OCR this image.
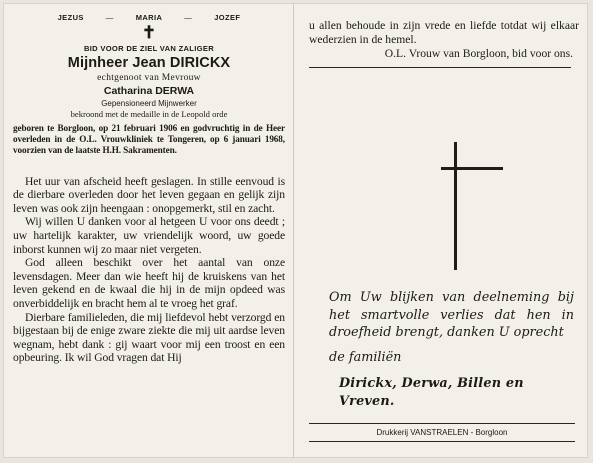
JEZUS	—	MARIA	—	JOZEF
✝
BID VOOR DE ZIEL VAN ZALIGER
Mijnheer Jean DIRICKX
echtgenoot van Mevrouw
Catharina DERWA
Gepensioneerd Mijnwerker
bekroond met de medaille in de Leopold orde
geboren te Borgloon, op 21 februari 1906 en godvruchtig in de Heer overleden in de O.L. Vrouwkliniek te Tongeren, op 6 januari 1968, voorzien van de laatste H.H. Sakramenten.

Het uur van afscheid heeft geslagen. In stille eenvoud is de dierbare overleden door het leven gegaan en gelijk zijn leven was ook zijn heengaan : onopgemerkt, stil en zacht.

Wij willen U danken voor al hetgeen U voor ons deedt ; uw hartelijk karakter, uw vriendelijk woord, uw goede inborst kunnen wij zo maar niet vergeten.

God alleen beschikt over het aantal van onze levensdagen. Meer dan wie heeft hij de kruiskens van het leven gekend en de kwaal die hij in de mijn opdeed was onverbiddelijk en bracht hem al te vroeg het graf.

Dierbare familieleden, die mij liefdevol hebt verzorgd en bijgestaan bij de enige zware ziekte die mij uit aardse leven wegnam, hebt dank : gij waart voor mij een troost en een opbeuring. Ik wil God vragen dat Hij

u allen behoude in zijn vrede en liefde totdat wij elkaar wederzien in de hemel.
O.L. Vrouw van Borgloon, bid voor ons.
Om Uw blijken van deelneming bij het smartvolle verlies dat hen in droefheid brengt, danken U oprecht
de familiën
Dirickx, Derwa, Billen en Vreven.
Drukkerij VANSTRAELEN - Borgloon
